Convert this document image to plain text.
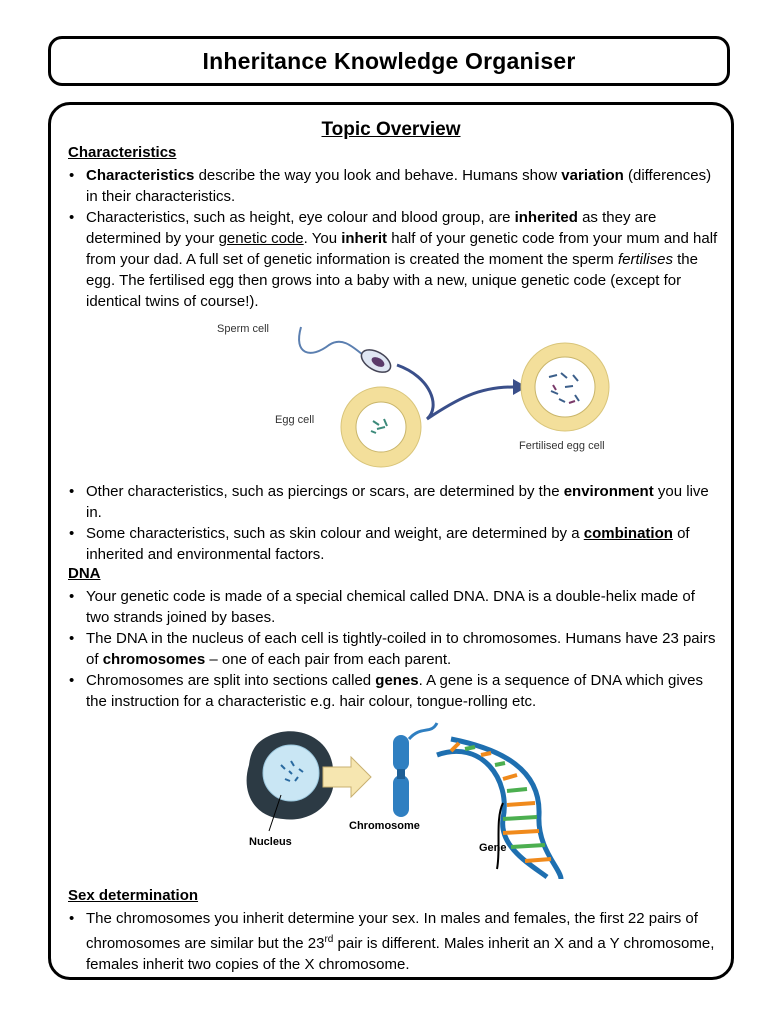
Inheritance Knowledge Organiser
Topic Overview
Characteristics
• Characteristics describe the way you look and behave. Humans show variation (differences) in their characteristics.
• Characteristics, such as height, eye colour and blood group, are inherited as they are determined by your genetic code. You inherit half of your genetic code from your mum and half from your dad. A full set of genetic information is created the moment the sperm fertilises the egg. The fertilised egg then grows into a baby with a new, unique genetic code (except for identical twins of course!).
Sperm cell
Egg cell
Fertilised egg cell
• Other characteristics, such as piercings or scars, are determined by the environment you live in.
• Some characteristics, such as skin colour and weight, are determined by a combination of inherited and environmental factors.
DNA
• Your genetic code is made of a special chemical called DNA. DNA is a double-helix made of two strands joined by bases.
• The DNA in the nucleus of each cell is tightly-coiled in to chromosomes. Humans have 23 pairs of chromosomes – one of each pair from each parent.
• Chromosomes are split into sections called genes. A gene is a sequence of DNA which gives the instruction for a characteristic e.g. hair colour, tongue-rolling etc.
Nucleus
Chromosome
Gene
Sex determination
• The chromosomes you inherit determine your sex. In males and females, the first 22 pairs of chromosomes are similar but the 23rd pair is different. Males inherit an X and a Y chromosome, females inherit two copies of the X chromosome.
